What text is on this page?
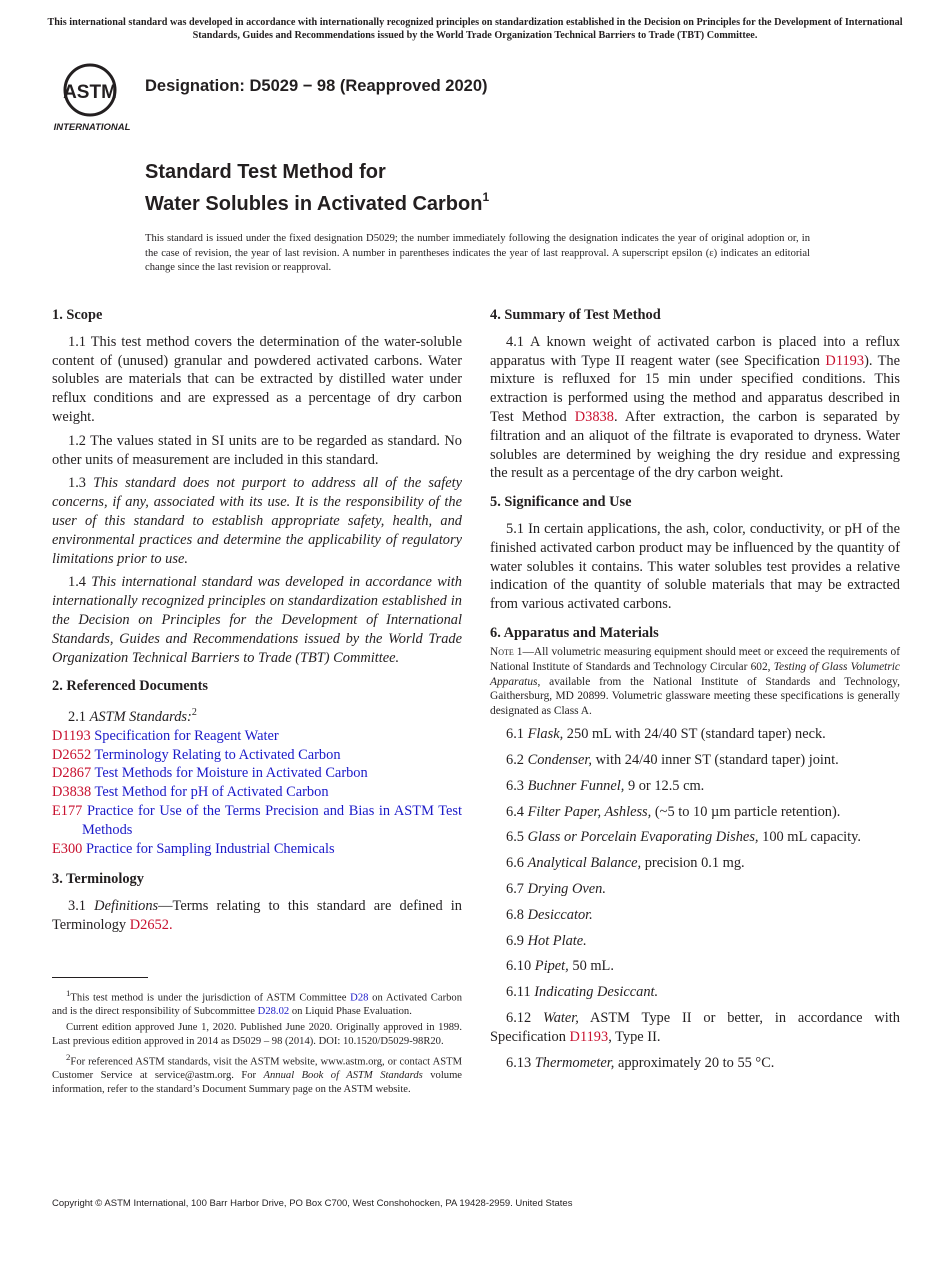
This international standard was developed in accordance with internationally recognized principles on standardization established in the Decision on Principles for the Development of International Standards, Guides and Recommendations issued by the World Trade Organization Technical Barriers to Trade (TBT) Committee.
ASTM
INTERNATIONAL
Designation: D5029 − 98 (Reapproved 2020)
Standard Test Method for
Water Solubles in Activated Carbon$^1$
This standard is issued under the fixed designation D5029; the number immediately following the designation indicates the year of original adoption or, in the case of revision, the year of last revision. A number in parentheses indicates the year of last reapproval. A superscript epsilon (ε) indicates an editorial change since the last revision or reapproval.
1. Scope

1.1 This test method covers the determination of the water-soluble content of (unused) granular and powdered activated carbons. Water solubles are materials that can be extracted by distilled water under reflux conditions and are expressed as a percentage of dry carbon weight.

1.2 The values stated in SI units are to be regarded as standard. No other units of measurement are included in this standard.

1.3 This standard does not purport to address all of the safety concerns, if any, associated with its use. It is the responsibility of the user of this standard to establish appropriate safety, health, and environmental practices and determine the applicability of regulatory limitations prior to use.

1.4 This international standard was developed in accordance with internationally recognized principles on standardization established in the Decision on Principles for the Development of International Standards, Guides and Recommendations issued by the World Trade Organization Technical Barriers to Trade (TBT) Committee.

2. Referenced Documents

2.1 ASTM Standards:$^2$

D1193 Specification for Reagent Water

D2652 Terminology Relating to Activated Carbon

D2867 Test Methods for Moisture in Activated Carbon

D3838 Test Method for pH of Activated Carbon

E177 Practice for Use of the Terms Precision and Bias in ASTM Test Methods

E300 Practice for Sampling Industrial Chemicals

3. Terminology

3.1 Definitions—Terms relating to this standard are defined in Terminology D2652.

$^1$This test method is under the jurisdiction of ASTM Committee D28 on Activated Carbon and is the direct responsibility of Subcommittee D28.02 on Liquid Phase Evaluation.

Current edition approved June 1, 2020. Published June 2020. Originally approved in 1989. Last previous edition approved in 2014 as D5029 – 98 (2014). DOI: 10.1520/D5029-98R20.

$^2$For referenced ASTM standards, visit the ASTM website, www.astm.org, or contact ASTM Customer Service at service@astm.org. For Annual Book of ASTM Standards volume information, refer to the standard’s Document Summary page on the ASTM website.

4. Summary of Test Method

4.1 A known weight of activated carbon is placed into a reflux apparatus with Type II reagent water (see Specification D1193). The mixture is refluxed for 15 min under specified conditions. This extraction is performed using the method and apparatus described in Test Method D3838. After extraction, the carbon is separated by filtration and an aliquot of the filtrate is evaporated to dryness. Water solubles are determined by weighing the dry residue and expressing the result as a percentage of the dry carbon weight.

5. Significance and Use

5.1 In certain applications, the ash, color, conductivity, or pH of the finished activated carbon product may be influenced by the quantity of water solubles it contains. This water solubles test provides a relative indication of the quantity of soluble materials that may be extracted from various activated carbons.

6. Apparatus and Materials

Note 1—All volumetric measuring equipment should meet or exceed the requirements of National Institute of Standards and Technology Circular 602, Testing of Glass Volumetric Apparatus, available from the National Institute of Standards and Technology, Gaithersburg, MD 20899. Volumetric glassware meeting these specifications is generally designated as Class A.

6.1 Flask, 250 mL with 24/40 ST (standard taper) neck.

6.2 Condenser, with 24/40 inner ST (standard taper) joint.

6.3 Buchner Funnel, 9 or 12.5 cm.

6.4 Filter Paper, Ashless, (~5 to 10 µm particle retention).

6.5 Glass or Porcelain Evaporating Dishes, 100 mL capacity.

6.6 Analytical Balance, precision 0.1 mg.

6.7 Drying Oven.

6.8 Desiccator.

6.9 Hot Plate.

6.10 Pipet, 50 mL.

6.11 Indicating Desiccant.

6.12 Water, ASTM Type II or better, in accordance with Specification D1193, Type II.

6.13 Thermometer, approximately 20 to 55 °C.

Copyright © ASTM International, 100 Barr Harbor Drive, PO Box C700, West Conshohocken, PA 19428-2959. United States
